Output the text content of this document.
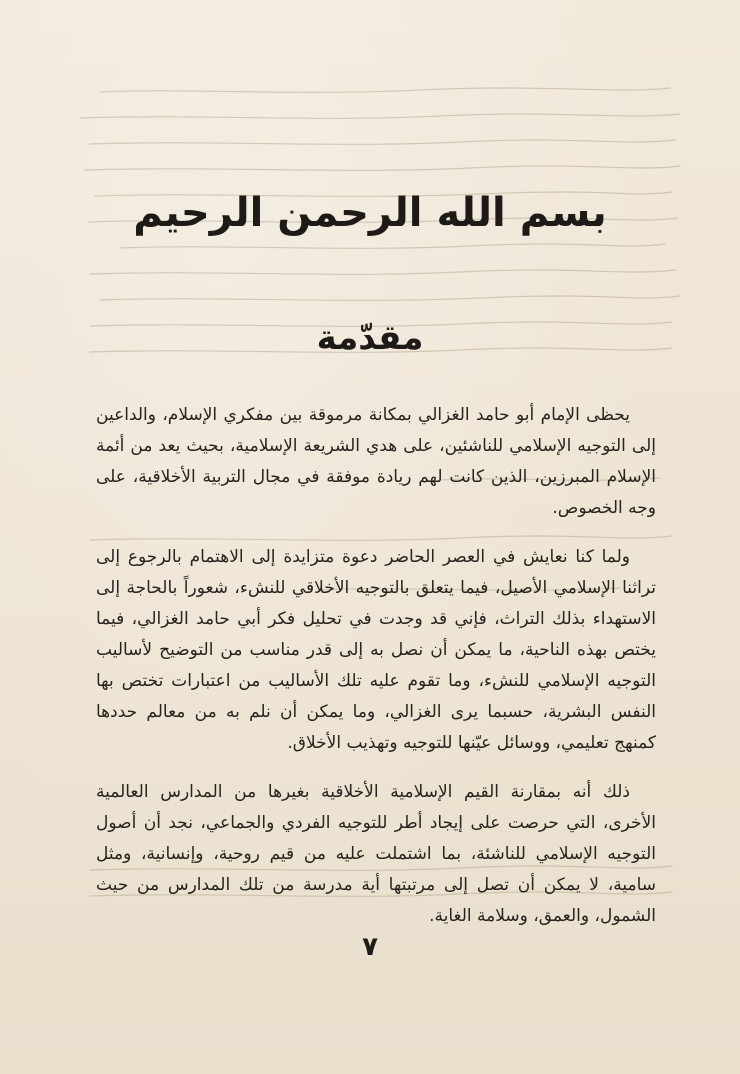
بسم الله الرحمن الرحيم
مقدّمة

يحظى الإمام أبو حامد الغزالي بمكانة مرموقة بين مفكري الإسلام، والداعين إلى التوجيه الإسلامي للناشئين، على هدي الشريعة الإسلامية، بحيث يعد من أئمة الإسلام المبرزين، الذين كانت لهم ريادة موفقة في مجال التربية الأخلاقية، على وجه الخصوص.

ولما كنا نعايش في العصر الحاضر دعوة متزايدة إلى الاهتمام بالرجوع إلى تراثنا الإسلامي الأصيل، فيما يتعلق بالتوجيه الأخلاقي للنشء، شعوراً بالحاجة إلى الاستهداء بذلك التراث، فإني قد وجدت في تحليل فكر أبي حامد الغزالي، فيما يختص بهذه الناحية، ما يمكن أن نصل به إلى قدر مناسب من التوضيح لأساليب التوجيه الإسلامي للنشء، وما تقوم عليه تلك الأساليب من اعتبارات تختص بها النفس البشرية، حسبما يرى الغزالي، وما يمكن أن نلم به من معالم حددها كمنهج تعليمي، ووسائل عيّنها للتوجيه وتهذيب الأخلاق.

ذلك أنه بمقارنة القيم الإسلامية الأخلاقية بغيرها من المدارس العالمية الأخرى، التي حرصت على إيجاد أطر للتوجيه الفردي والجماعي، نجد أن أصول التوجيه الإسلامي للناشئة، بما اشتملت عليه من قيم روحية، وإنسانية، ومثل سامية، لا يمكن أن تصل إلى مرتبتها أية مدرسة من تلك المدارس من حيث الشمول، والعمق، وسلامة الغاية.

٧
